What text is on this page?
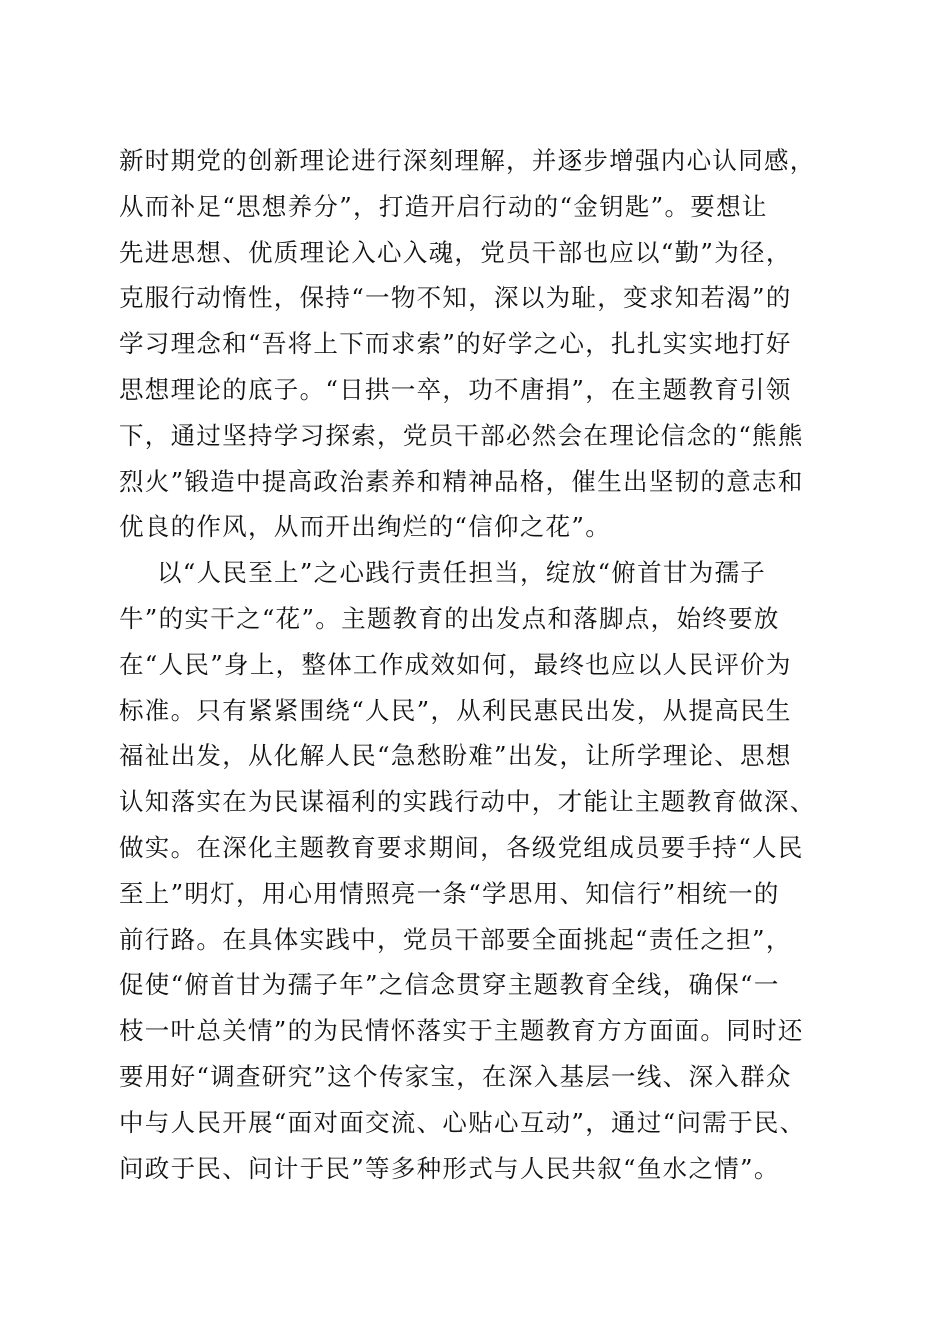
新时期党的创新理论进行深刻理解，并逐步增强内心认同感，
从而补足“思想养分”，打造开启行动的“金钥匙”。要想让
先进思想、优质理论入心入魂，党员干部也应以“勤”为径，
克服行动惰性，保持“一物不知，深以为耻，变求知若渴”的
学习理念和“吾将上下而求索”的好学之心，扎扎实实地打好
思想理论的底子。“日拱一卒，功不唐捐”，在主题教育引领
下，通过坚持学习探索，党员干部必然会在理论信念的“熊熊
烈火”锻造中提高政治素养和精神品格，催生出坚韧的意志和
优良的作风，从而开出绚烂的“信仰之花”。
以“人民至上”之心践行责任担当，绽放“俯首甘为孺子
牛”的实干之“花”。主题教育的出发点和落脚点，始终要放
在“人民”身上，整体工作成效如何，最终也应以人民评价为
标准。只有紧紧围绕“人民”，从利民惠民出发，从提高民生
福祉出发，从化解人民“急愁盼难”出发，让所学理论、思想
认知落实在为民谋福利的实践行动中，才能让主题教育做深、
做实。在深化主题教育要求期间，各级党组成员要手持“人民
至上”明灯，用心用情照亮一条“学思用、知信行”相统一的
前行路。在具体实践中，党员干部要全面挑起“责任之担”，
促使“俯首甘为孺子年”之信念贯穿主题教育全线，确保“一
枝一叶总关情”的为民情怀落实于主题教育方方面面。同时还
要用好“调查研究”这个传家宝，在深入基层一线、深入群众
中与人民开展“面对面交流、心贴心互动”，通过“问需于民、
问政于民、问计于民”等多种形式与人民共叙“鱼水之情”。
